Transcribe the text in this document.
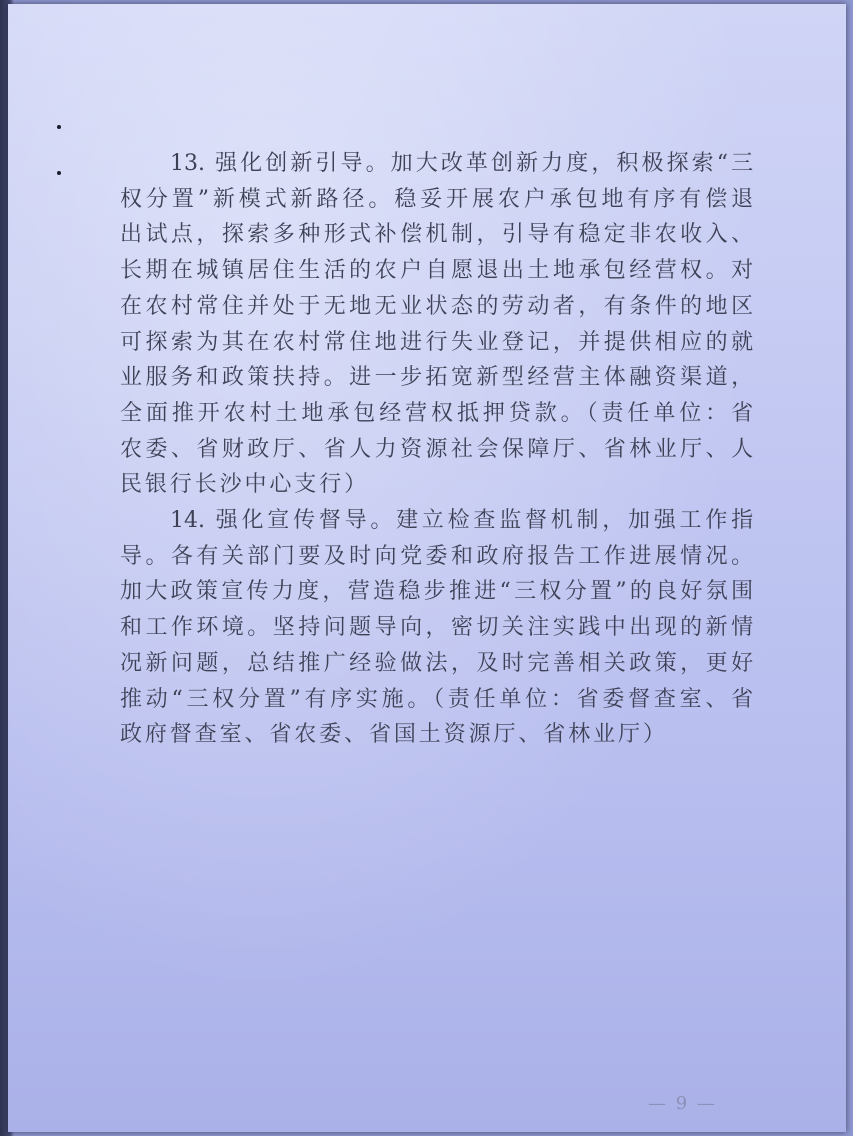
13. 强化创新引导。加大改革创新力度，积极探索“三权分置”新模式新路径。稳妥开展农户承包地有序有偿退出试点，探索多种形式补偿机制，引导有稳定非农收入、长期在城镇居住生活的农户自愿退出土地承包经营权。对在农村常住并处于无地无业状态的劳动者，有条件的地区可探索为其在农村常住地进行失业登记，并提供相应的就业服务和政策扶持。进一步拓宽新型经营主体融资渠道，全面推开农村土地承包经营权抵押贷款。（责任单位：省农委、省财政厅、省人力资源社会保障厅、省林业厅、人民银行长沙中心支行）

14. 强化宣传督导。建立检查监督机制，加强工作指导。各有关部门要及时向党委和政府报告工作进展情况。加大政策宣传力度，营造稳步推进“三权分置”的良好氛围和工作环境。坚持问题导向，密切关注实践中出现的新情况新问题，总结推广经验做法，及时完善相关政策，更好推动“三权分置”有序实施。（责任单位：省委督查室、省政府督查室、省农委、省国土资源厅、省林业厅）

— 9 —
